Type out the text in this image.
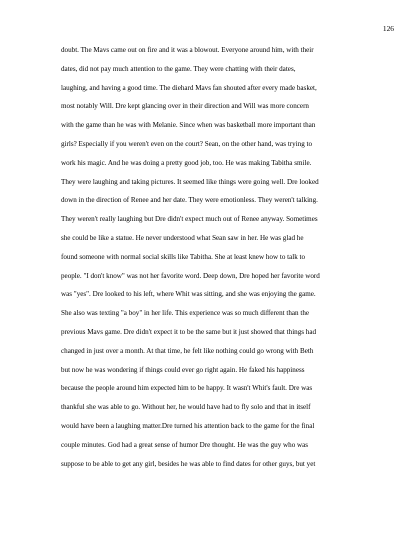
126
doubt. The Mavs came out on fire and it was a blowout. Everyone around him, with their
dates, did not pay much attention to the game. They were chatting with their dates,
laughing, and having a good time. The diehard Mavs fan shouted after every made basket,
most notably Will. Dre kept glancing over in their direction and Will was more concern
with the game than he was with Melanie. Since when was basketball more important than
girls? Especially if you weren't even on the court? Sean, on the other hand, was trying to
work his magic. And he was doing a pretty good job, too. He was making Tabitha smile.
They were laughing and taking pictures. It seemed like things were going well. Dre looked
down in the direction of Renee and her date. They were emotionless. They weren't talking.
They weren't really laughing but Dre didn't expect much out of Renee anyway. Sometimes
she could be like a statue. He never understood what Sean saw in her. He was glad he
found someone with normal social skills like Tabitha. She at least knew how to talk to
people. "I don't know" was not her favorite word. Deep down, Dre hoped her favorite word
was "yes". Dre looked to his left, where Whit was sitting, and she was enjoying the game.
She also was texting "a boy" in her life. This experience was so much different than the
previous Mavs game. Dre didn't expect it to be the same but it just showed that things had
changed in just over a month. At that time, he felt like nothing could go wrong with Beth
but now he was wondering if things could ever go right again. He faked his happiness
because the people around him expected him to be happy. It wasn't Whit's fault. Dre was
thankful she was able to go. Without her, he would have had to fly solo and that in itself
would have been a laughing matter.Dre turned his attention back to the game for the final
couple minutes. God had a great sense of humor Dre thought. He was the guy who was
suppose to be able to get any girl, besides he was able to find dates for other guys, but yet
